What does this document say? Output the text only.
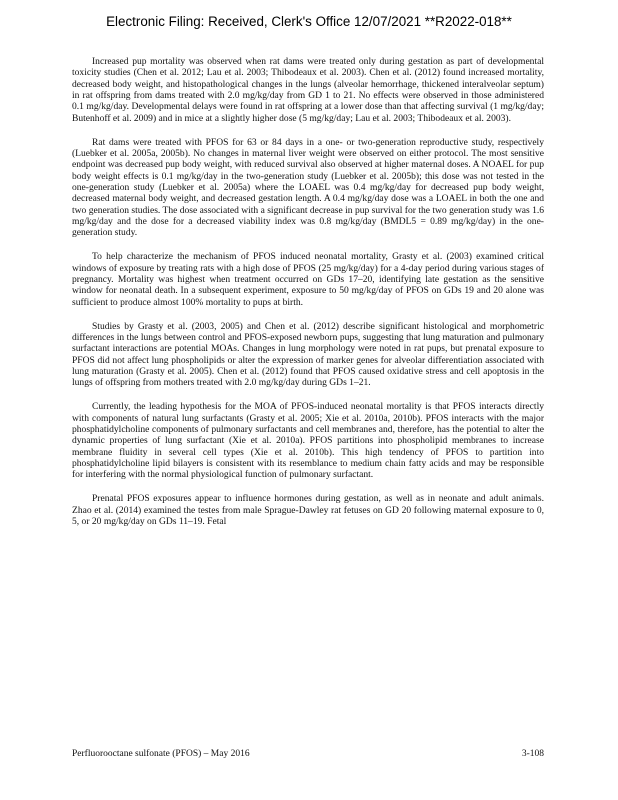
Electronic Filing: Received, Clerk's Office 12/07/2021 **R2022-018**

Increased pup mortality was observed when rat dams were treated only during gestation as part of developmental toxicity studies (Chen et al. 2012; Lau et al. 2003; Thibodeaux et al. 2003). Chen et al. (2012) found increased mortality, decreased body weight, and histopathological changes in the lungs (alveolar hemorrhage, thickened interalveolar septum) in rat offspring from dams treated with 2.0 mg/kg/day from GD 1 to 21. No effects were observed in those administered 0.1 mg/kg/day. Developmental delays were found in rat offspring at a lower dose than that affecting survival (1 mg/kg/day; Butenhoff et al. 2009) and in mice at a slightly higher dose (5 mg/kg/day; Lau et al. 2003; Thibodeaux et al. 2003).

Rat dams were treated with PFOS for 63 or 84 days in a one- or two-generation reproductive study, respectively (Luebker et al. 2005a, 2005b). No changes in maternal liver weight were observed on either protocol. The most sensitive endpoint was decreased pup body weight, with reduced survival also observed at higher maternal doses. A NOAEL for pup body weight effects is 0.1 mg/kg/day in the two-generation study (Luebker et al. 2005b); this dose was not tested in the one-generation study (Luebker et al. 2005a) where the LOAEL was 0.4 mg/kg/day for decreased pup body weight, decreased maternal body weight, and decreased gestation length. A 0.4 mg/kg/day dose was a LOAEL in both the one and two generation studies. The dose associated with a significant decrease in pup survival for the two generation study was 1.6 mg/kg/day and the dose for a decreased viability index was 0.8 mg/kg/day (BMDL5 = 0.89 mg/kg/day) in the one-generation study.

To help characterize the mechanism of PFOS induced neonatal mortality, Grasty et al. (2003) examined critical windows of exposure by treating rats with a high dose of PFOS (25 mg/kg/day) for a 4-day period during various stages of pregnancy. Mortality was highest when treatment occurred on GDs 17–20, identifying late gestation as the sensitive window for neonatal death. In a subsequent experiment, exposure to 50 mg/kg/day of PFOS on GDs 19 and 20 alone was sufficient to produce almost 100% mortality to pups at birth.

Studies by Grasty et al. (2003, 2005) and Chen et al. (2012) describe significant histological and morphometric differences in the lungs between control and PFOS-exposed newborn pups, suggesting that lung maturation and pulmonary surfactant interactions are potential MOAs. Changes in lung morphology were noted in rat pups, but prenatal exposure to PFOS did not affect lung phospholipids or alter the expression of marker genes for alveolar differentiation associated with lung maturation (Grasty et al. 2005). Chen et al. (2012) found that PFOS caused oxidative stress and cell apoptosis in the lungs of offspring from mothers treated with 2.0 mg/kg/day during GDs 1–21.

Currently, the leading hypothesis for the MOA of PFOS-induced neonatal mortality is that PFOS interacts directly with components of natural lung surfactants (Grasty et al. 2005; Xie et al. 2010a, 2010b). PFOS interacts with the major phosphatidylcholine components of pulmonary surfactants and cell membranes and, therefore, has the potential to alter the dynamic properties of lung surfactant (Xie et al. 2010a). PFOS partitions into phospholipid membranes to increase membrane fluidity in several cell types (Xie et al. 2010b). This high tendency of PFOS to partition into phosphatidylcholine lipid bilayers is consistent with its resemblance to medium chain fatty acids and may be responsible for interfering with the normal physiological function of pulmonary surfactant.

Prenatal PFOS exposures appear to influence hormones during gestation, as well as in neonate and adult animals. Zhao et al. (2014) examined the testes from male Sprague-Dawley rat fetuses on GD 20 following maternal exposure to 0, 5, or 20 mg/kg/day on GDs 11–19. Fetal

Perfluorooctane sulfonate (PFOS) – May 2016	3-108
